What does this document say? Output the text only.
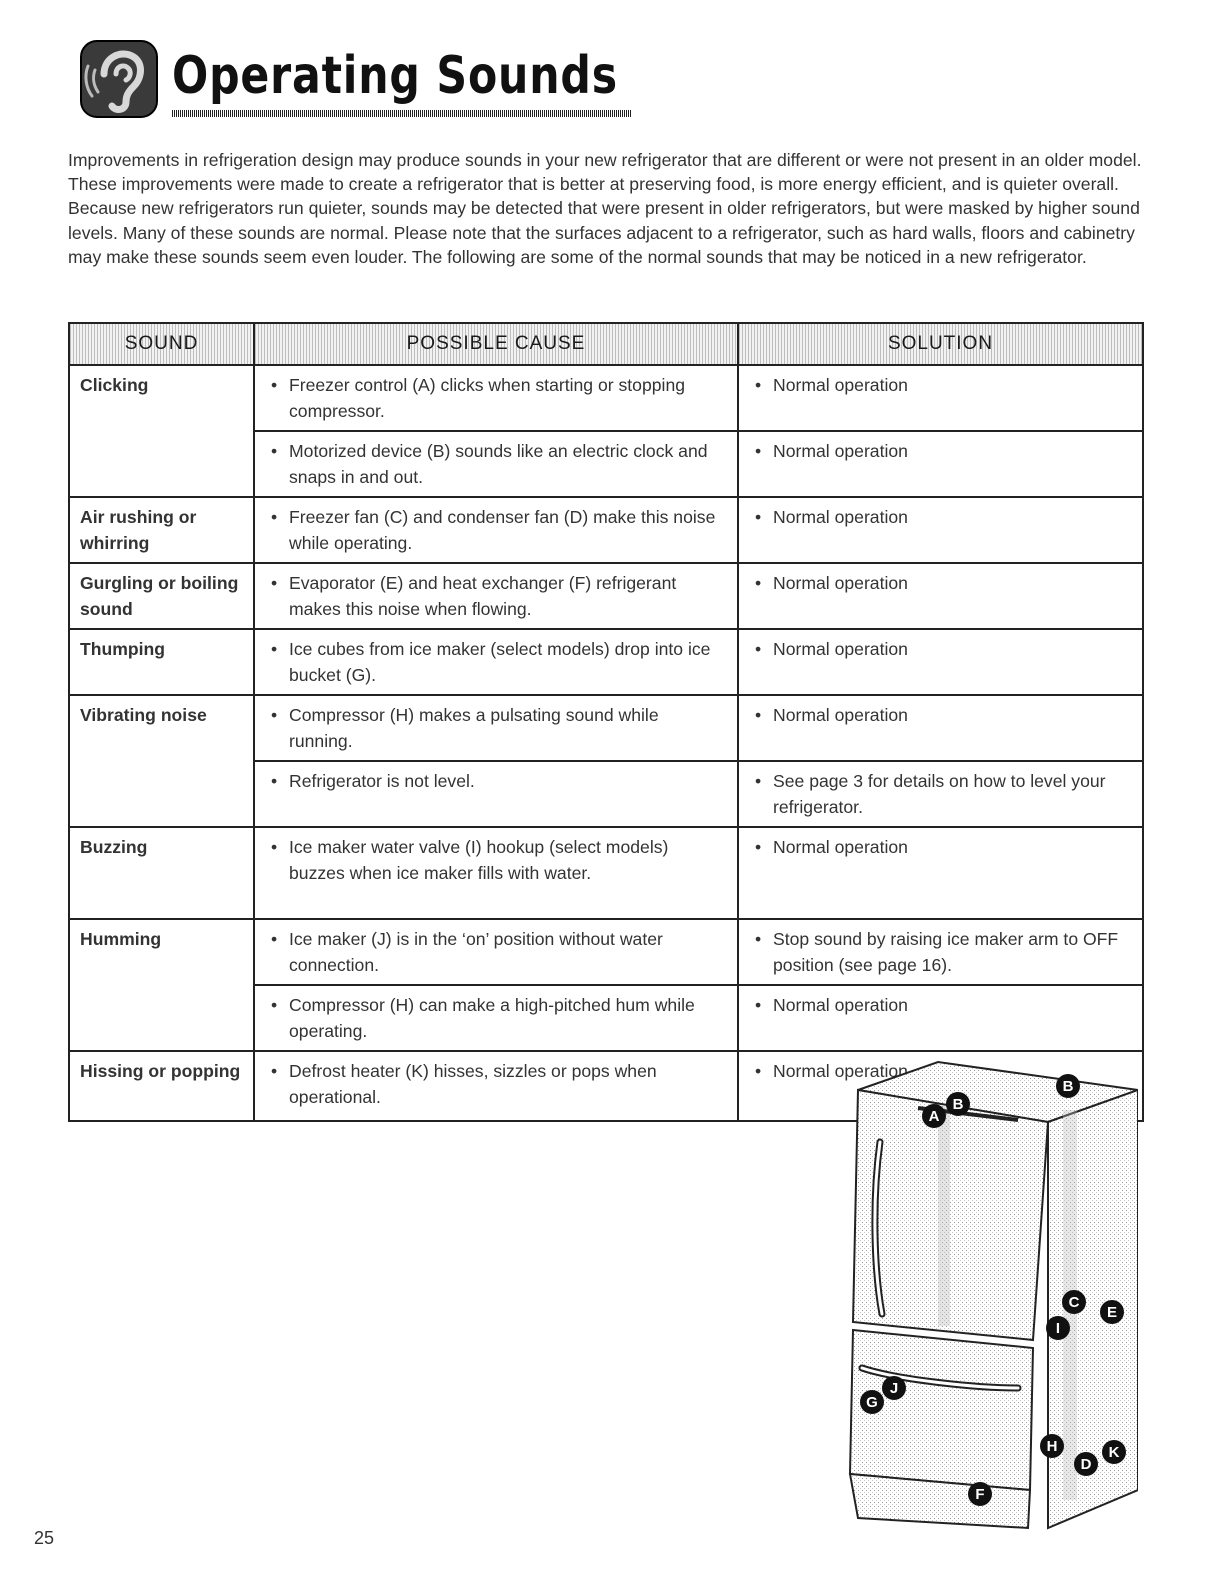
Operating Sounds

Improvements in refrigeration design may produce sounds in your new refrigerator that are different or were not present in an older model. These improvements were made to create a refrigerator that is better at preserving food, is more energy efficient, and is quieter overall. Because new refrigerators run quieter, sounds may be detected that were present in older refrigerators, but were masked by higher sound levels. Many of these sounds are normal. Please note that the surfaces adjacent to a refrigerator, such as hard walls, floors and cabinetry may make these sounds seem even louder. The following are some of the normal sounds that may be noticed in a new refrigerator.

SOUND	POSSIBLE CAUSE	SOLUTION
Clicking	• Freezer control (A) clicks when starting or stopping compressor.	• Normal operation
	• Motorized device (B) sounds like an electric clock and snaps in and out.	• Normal operation
Air rushing or whirring	• Freezer fan (C) and condenser fan (D) make this noise while operating.	• Normal operation
Gurgling or boiling sound	• Evaporator (E) and heat exchanger (F) refrigerant makes this noise when flowing.	• Normal operation
Thumping	• Ice cubes from ice maker (select models) drop into ice bucket (G).	• Normal operation
Vibrating noise	• Compressor (H) makes a pulsating sound while running.	• Normal operation
	• Refrigerator is not level.	• See page 3 for details on how to level your refrigerator.
Buzzing	• Ice maker water valve (I) hookup (select models) buzzes when ice maker fills with water.	• Normal operation
Humming	• Ice maker (J) is in the ‘on’ position without water connection.	• Stop sound by raising ice maker arm to OFF position (see page 16).
	• Compressor (H) can make a high-pitched hum while operating.	• Normal operation
Hissing or popping	• Defrost heater (K) hisses, sizzles or pops when operational.	• Normal operation
A
B
B
C
E
I
G
J
H
D
K
F
25
